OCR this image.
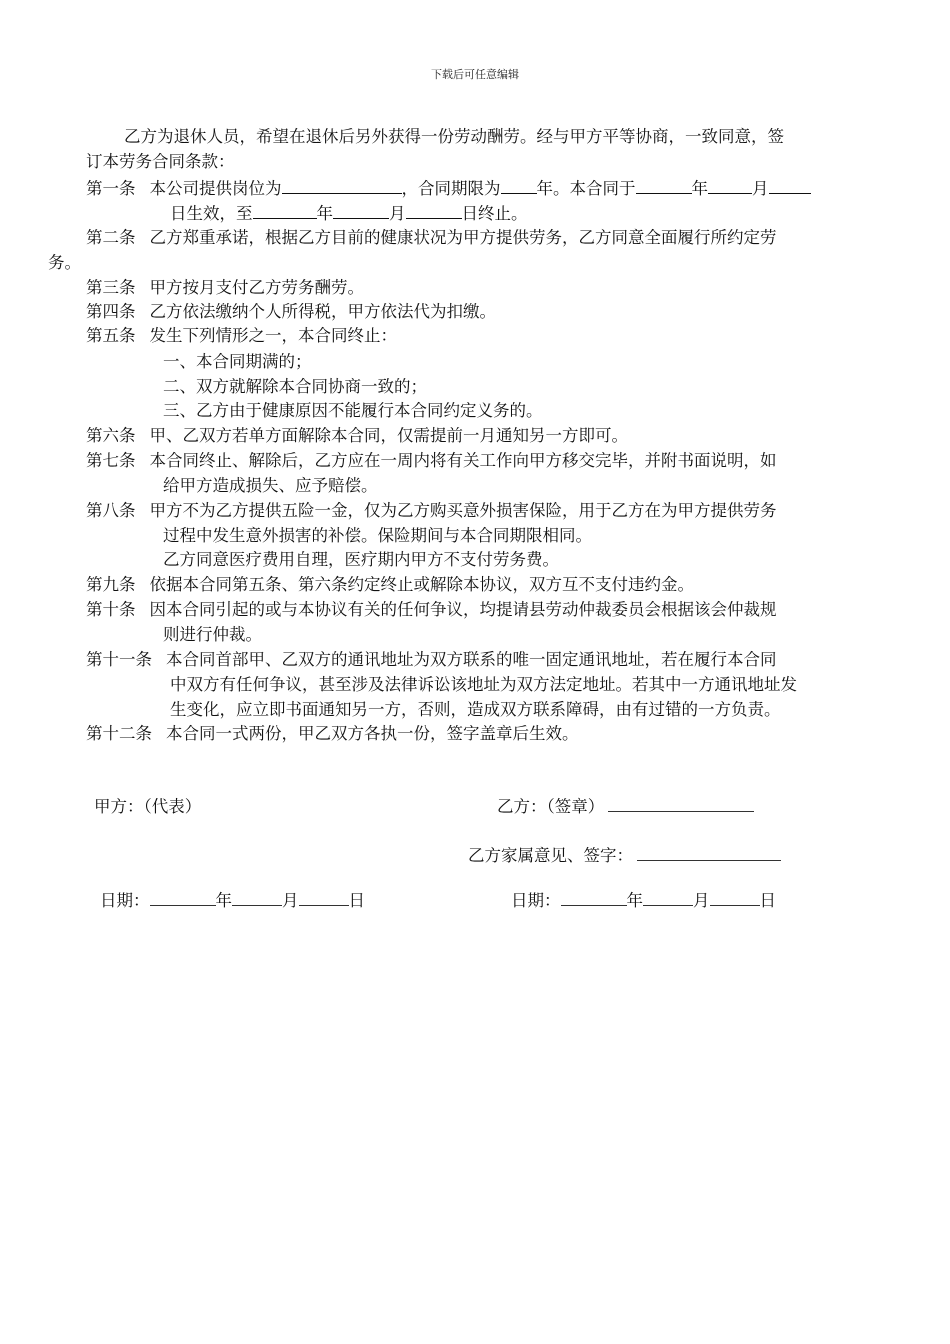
下载后可任意编辑
乙方为退休人员，希望在退休后另外获得一份劳动酬劳。经与甲方平等协商，一致同意，签
订本劳务合同条款：
第一条 本公司提供岗位为	，合同期限为 年。本合同于	年	月
日生效，至	年	月	日终止。
第二条 乙方郑重承诺，根据乙方目前的健康状况为甲方提供劳务，乙方同意全面履行所约定劳
务。
第三条 甲方按月支付乙方劳务酬劳。
第四条 乙方依法缴纳个人所得税，甲方依法代为扣缴。
第五条 发生下列情形之一，本合同终止：
一、本合同期满的；
二、双方就解除本合同协商一致的；
三、乙方由于健康原因不能履行本合同约定义务的。
第六条 甲、乙双方若单方面解除本合同，仅需提前一月通知另一方即可。
第七条 本合同终止、解除后，乙方应在一周内将有关工作向甲方移交完毕，并附书面说明，如
给甲方造成损失、应予赔偿。
第八条 甲方不为乙方提供五险一金，仅为乙方购买意外损害保险，用于乙方在为甲方提供劳务
过程中发生意外损害的补偿。保险期间与本合同期限相同。
乙方同意医疗费用自理，医疗期内甲方不支付劳务费。
第九条 依据本合同第五条、第六条约定终止或解除本协议，双方互不支付违约金。
第十条 因本合同引起的或与本协议有关的任何争议，均提请县劳动仲裁委员会根据该会仲裁规
则进行仲裁。
第十一条 本合同首部甲、乙双方的通讯地址为双方联系的唯一固定通讯地址，若在履行本合同
中双方有任何争议，甚至涉及法律诉讼该地址为双方法定地址。若其中一方通讯地址发
生变化，应立即书面通知另一方，否则，造成双方联系障碍，由有过错的一方负责。
第十二条 本合同一式两份，甲乙双方各执一份，签字盖章后生效。
甲方：（代表）	乙方：（签章）
乙方家属意见、签字：
日期：	年	月	日	日期：	年	月	日
